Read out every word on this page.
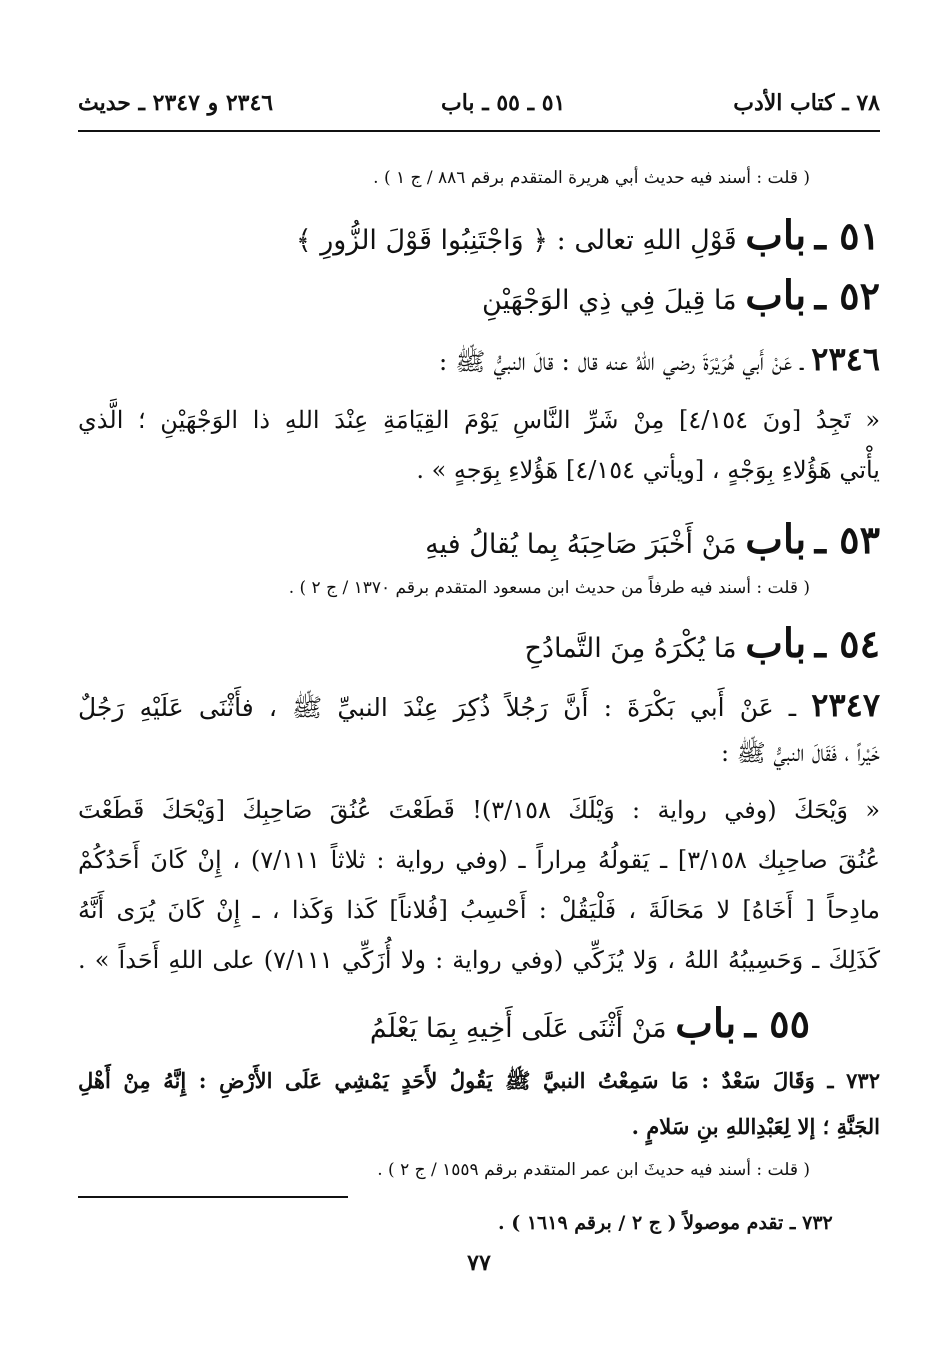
٧٨ ـ كتاب الأدب
٥١ ـ ٥٥ ـ باب
٢٣٤٦ و ٢٣٤٧ ـ حديث
( قلت : أسند فيه حديث أبي هريرة المتقدم برقم ٨٨٦ / ج ١ ) .
٥١ ـ باب قَوْلِ اللهِ تعالى : ﴿ وَاجْتَنِبُوا قَوْلَ الزُّورِ ﴾
٥٢ ـ باب مَا قِيلَ فِي ذِي الوَجْهَيْنِ
٢٣٤٦ ـ عَنْ أَبي هُرَيْرَةَ رضي اللهُ عنه قال : قالَ النبيُّ ﷺ :
« تَجِدُ [ونَ ٤/١٥٤] مِنْ شَرِّ النَّاسِ يَوْمَ القِيَامَةِ عِنْدَ اللهِ ذا الوَجْهَيْنِ ؛ الَّذي
يأْتي هَؤُلاءِ بِوَجْهٍ ، [ويأتي ٤/١٥٤] هَؤُلاءِ بِوَجهٍ » .
٥٣ ـ باب مَنْ أَخْبَرَ صَاحِبَهُ بِما يُقالُ فيهِ
( قلت : أسند فيه طرفاً من حديث ابن مسعود المتقدم برقم ١٣٧٠ / ج ٢ ) .
٥٤ ـ باب مَا يُكْرَهُ مِنَ التَّمادُحِ
٢٣٤٧ ـ عَنْ أَبي بَكْرَةَ : أَنَّ رَجُلاً ذُكِرَ عِنْدَ النبيِّ ﷺ ، فأَثْنَى عَلَيْهِ رَجُلٌ
خَيْراً ، فَقَالَ النبيُّ ﷺ :
« وَيْحَكَ (وفي رواية : وَيْلَكَ ٣/١٥٨)! قَطَعْتَ عُنُقَ صَاحِبِكَ [وَيْحَكَ قَطَعْتَ
عُنُقَ صاحِبِك ٣/١٥٨] ـ يَقولُهُ مِراراً ـ (وفي رواية : ثلاثاً ٧/١١١) ، إِنْ كَانَ أَحَدُكُمْ
مادِحاً [ أَخَاهُ] لا مَحَالَةَ ، فَلْيَقُلْ : أَحْسِبُ [فُلاناً] كَذا وَكَذا ، ـ إِنْ كَانَ يُرَى أَنَّهُ
كَذَلِكَ ـ وَحَسِيبُهُ اللهُ ، وَلا يُزَكِّي (وفي رواية : ولا أُزَكِّي ٧/١١١) على اللهِ أَحَداً » .
٥٥ ـ باب مَنْ أَثْنَى عَلَى أَخِيهِ بِمَا يَعْلَمُ
٧٣٢ ـ وَقَالَ سَعْدٌ : مَا سَمِعْتُ النبيَّ ﷺ يَقُولُ لأَحَدٍ يَمْشِي عَلَى الأَرْضِ : إِنَّهُ مِنْ أَهْلِ
الجَنَّةِ ؛ إلا لِعَبْدِاللهِ بنِ سَلامٍ .
( قلت : أسند فيه حديثَ ابن عمر المتقدم برقم ١٥٥٩ / ج ٢ ) .
٧٣٢ ـ تقدم موصولاً ( ج ٢ / برقم ١٦١٩ ) .
٧٧
